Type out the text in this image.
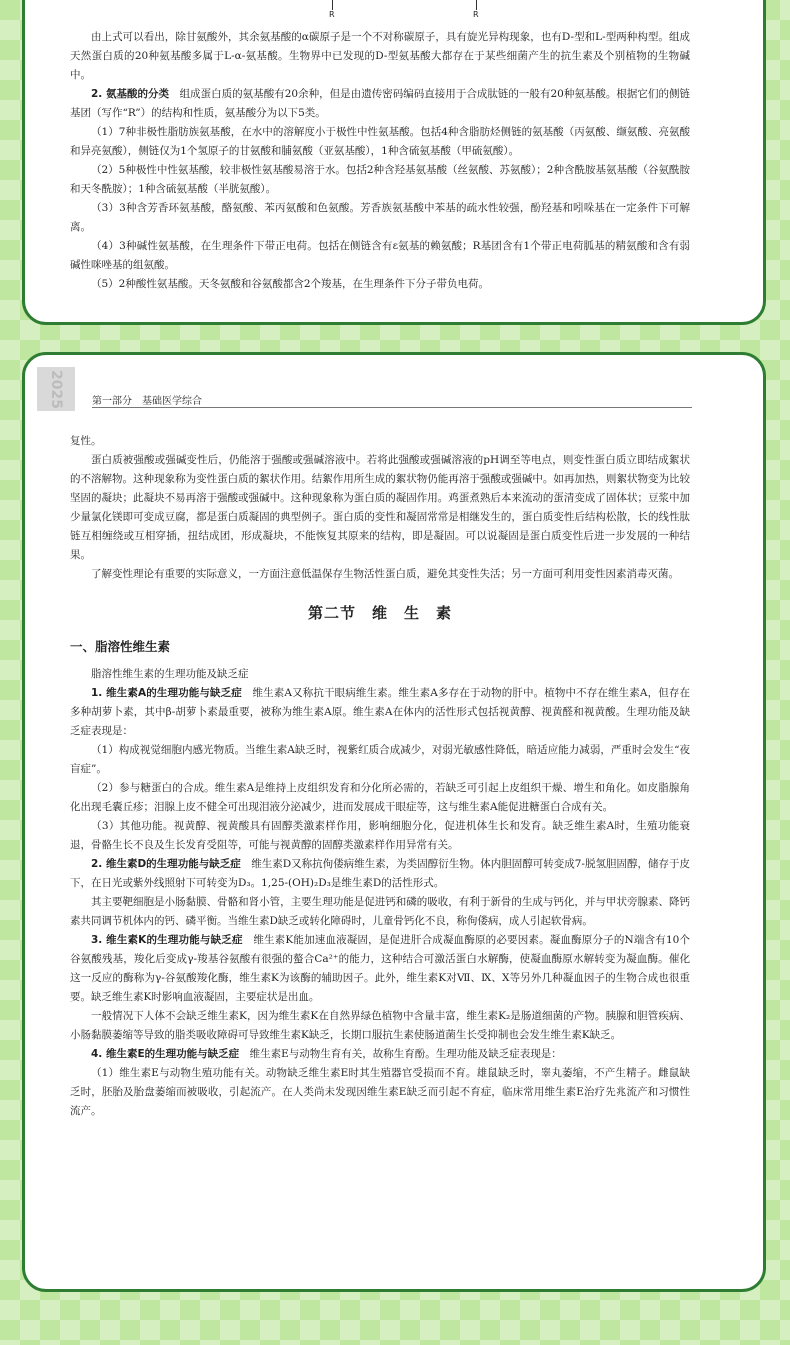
R	R

由上式可以看出，除甘氨酸外，其余氨基酸的α碳原子是一个不对称碳原子，具有旋光异构现象，也有D-型和L-型两种构型。组成天然蛋白质的20种氨基酸多属于L-α-氨基酸。生物界中已发现的D-型氨基酸大都存在于某些细菌产生的抗生素及个别植物的生物碱中。

2. 氨基酸的分类　组成蛋白质的氨基酸有20余种，但是由遗传密码编码直接用于合成肽链的一般有20种氨基酸。根据它们的侧链基团（写作“R”）的结构和性质，氨基酸分为以下5类。

（1）7种非极性脂肪族氨基酸，在水中的溶解度小于极性中性氨基酸。包括4种含脂肪烃侧链的氨基酸（丙氨酸、缬氨酸、亮氨酸和异亮氨酸），侧链仅为1个氢原子的甘氨酸和脯氨酸（亚氨基酸），1种含硫氨基酸（甲硫氨酸）。

（2）5种极性中性氨基酸，较非极性氨基酸易溶于水。包括2种含羟基氨基酸（丝氨酸、苏氨酸）；2种含酰胺基氨基酸（谷氨酰胺和天冬酰胺）；1种含硫氨基酸（半胱氨酸）。

（3）3种含芳香环氨基酸，酪氨酸、苯丙氨酸和色氨酸。芳香族氨基酸中苯基的疏水性较强，酚羟基和吲哚基在一定条件下可解离。

（4）3种碱性氨基酸，在生理条件下带正电荷。包括在侧链含有ε氨基的赖氨酸；R基团含有1个带正电荷胍基的精氨酸和含有弱碱性咪唑基的组氨酸。

（5）2种酸性氨基酸。天冬氨酸和谷氨酸都含2个羧基，在生理条件下分子带负电荷。

2025	第一部分　基础医学综合

复性。

蛋白质被强酸或强碱变性后，仍能溶于强酸或强碱溶液中。若将此强酸或强碱溶液的pH调至等电点，则变性蛋白质立即结成絮状的不溶解物。这种现象称为变性蛋白质的絮状作用。结絮作用所生成的絮状物仍能再溶于强酸或强碱中。如再加热，则絮状物变为比较坚固的凝块；此凝块不易再溶于强酸或强碱中。这种现象称为蛋白质的凝固作用。鸡蛋煮熟后本来流动的蛋清变成了固体状；豆浆中加少量氯化镁即可变成豆腐，都是蛋白质凝固的典型例子。蛋白质的变性和凝固常常是相继发生的，蛋白质变性后结构松散，长的线性肽链互相缠绕或互相穿插，扭结成团，形成凝块，不能恢复其原来的结构，即是凝固。可以说凝固是蛋白质变性后进一步发展的一种结果。

了解变性理论有重要的实际意义，一方面注意低温保存生物活性蛋白质，避免其变性失活；另一方面可利用变性因素消毒灭菌。

第二节　维　生　素
一、脂溶性维生素

脂溶性维生素的生理功能及缺乏症

1. 维生素A的生理功能与缺乏症　维生素A又称抗干眼病维生素。维生素A多存在于动物的肝中。植物中不存在维生素A，但存在多种胡萝卜素，其中β-胡萝卜素最重要，被称为维生素A原。维生素A在体内的活性形式包括视黄醇、视黄醛和视黄酸。生理功能及缺乏症表现是：

（1）构成视觉细胞内感光物质。当维生素A缺乏时，视紫红质合成减少，对弱光敏感性降低，暗适应能力减弱，严重时会发生“夜盲症”。

（2）参与糖蛋白的合成。维生素A是维持上皮组织发育和分化所必需的，若缺乏可引起上皮组织干燥、增生和角化。如皮脂腺角化出现毛囊丘疹；泪腺上皮不健全可出现泪液分泌减少，进而发展成干眼症等，这与维生素A能促进糖蛋白合成有关。

（3）其他功能。视黄醇、视黄酸具有固醇类激素样作用，影响细胞分化，促进机体生长和发育。缺乏维生素A时，生殖功能衰退，骨骼生长不良及生长发育受阻等，可能与视黄醇的固醇类激素样作用异常有关。

2. 维生素D的生理功能与缺乏症　维生素D又称抗佝偻病维生素，为类固醇衍生物。体内胆固醇可转变成7-脱氢胆固醇，储存于皮下，在日光或紫外线照射下可转变为D₃。1,25-(OH)₂D₃是维生素D的活性形式。

其主要靶细胞是小肠黏膜、骨骼和肾小管，主要生理功能是促进钙和磷的吸收，有利于新骨的生成与钙化，并与甲状旁腺素、降钙素共同调节机体内的钙、磷平衡。当维生素D缺乏或转化障碍时，儿童骨钙化不良，称佝偻病，成人引起软骨病。

3. 维生素K的生理功能与缺乏症　维生素K能加速血液凝固，是促进肝合成凝血酶原的必要因素。凝血酶原分子的N端含有10个谷氨酸残基，羧化后变成γ-羧基谷氨酸有很强的螯合Ca²⁺的能力，这种结合可激活蛋白水解酶，使凝血酶原水解转变为凝血酶。催化这一反应的酶称为γ-谷氨酸羧化酶，维生素K为该酶的辅助因子。此外，维生素K对Ⅶ、Ⅸ、Ⅹ等另外几种凝血因子的生物合成也很重要。缺乏维生素K时影响血液凝固，主要症状是出血。

一般情况下人体不会缺乏维生素K，因为维生素K在自然界绿色植物中含量丰富，维生素K₂是肠道细菌的产物。胰腺和胆管疾病、小肠黏膜萎缩等导致的脂类吸收障碍可导致维生素K缺乏，长期口服抗生素使肠道菌生长受抑制也会发生维生素K缺乏。

4. 维生素E的生理功能与缺乏症　维生素E与动物生育有关，故称生育酚。生理功能及缺乏症表现是：

（1）维生素E与动物生殖功能有关。动物缺乏维生素E时其生殖器官受损而不育。雄鼠缺乏时，睾丸萎缩，不产生精子。雌鼠缺乏时，胚胎及胎盘萎缩而被吸收，引起流产。在人类尚未发现因维生素E缺乏而引起不育症，临床常用维生素E治疗先兆流产和习惯性流产。
